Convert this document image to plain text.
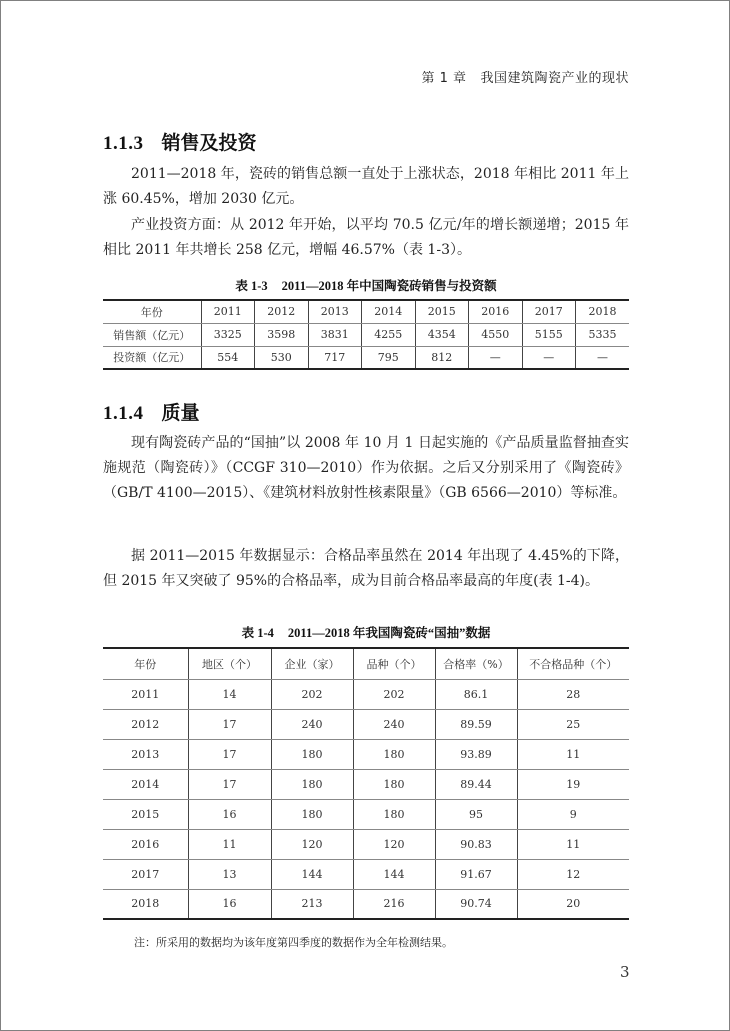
第 1 章 我国建筑陶瓷产业的现状
1.1.3 销售及投资

2011—2018 年，瓷砖的销售总额一直处于上涨状态，2018 年相比 2011 年上涨 60.45%，增加 2030 亿元。

产业投资方面：从 2012 年开始，以平均 70.5 亿元/年的增长额递增；2015 年相比 2011 年共增长 258 亿元，增幅 46.57%（表 1-3）。

表 1-3 2011—2018 年中国陶瓷砖销售与投资额
年份	2011	2012	2013	2014	2015	2016	2017	2018
销售额（亿元）	3325	3598	3831	4255	4354	4550	5155	5335
投资额（亿元）	554	530	717	795	812	—	—	—
1.1.4 质量

现有陶瓷砖产品的“国抽”以 2008 年 10 月 1 日起实施的《产品质量监督抽查实施规范（陶瓷砖）》（CCGF 310—2010）作为依据。之后又分别采用了《陶瓷砖》（GB/T 4100—2015）、《建筑材料放射性核素限量》（GB 6566—2010）等标准。

据 2011—2015 年数据显示：合格品率虽然在 2014 年出现了 4.45%的下降，但 2015 年又突破了 95%的合格品率，成为目前合格品率最高的年度(表 1-4)。

表 1-4 2011—2018 年我国陶瓷砖“国抽”数据
年份	地区（个）	企业（家）	品种（个）	合格率（%）	不合格品种（个）
2011	14	202	202	86.1	28
2012	17	240	240	89.59	25
2013	17	180	180	93.89	11
2014	17	180	180	89.44	19
2015	16	180	180	95	9
2016	11	120	120	90.83	11
2017	13	144	144	91.67	12
2018	16	213	216	90.74	20
注：所采用的数据均为该年度第四季度的数据作为全年检测结果。
3
